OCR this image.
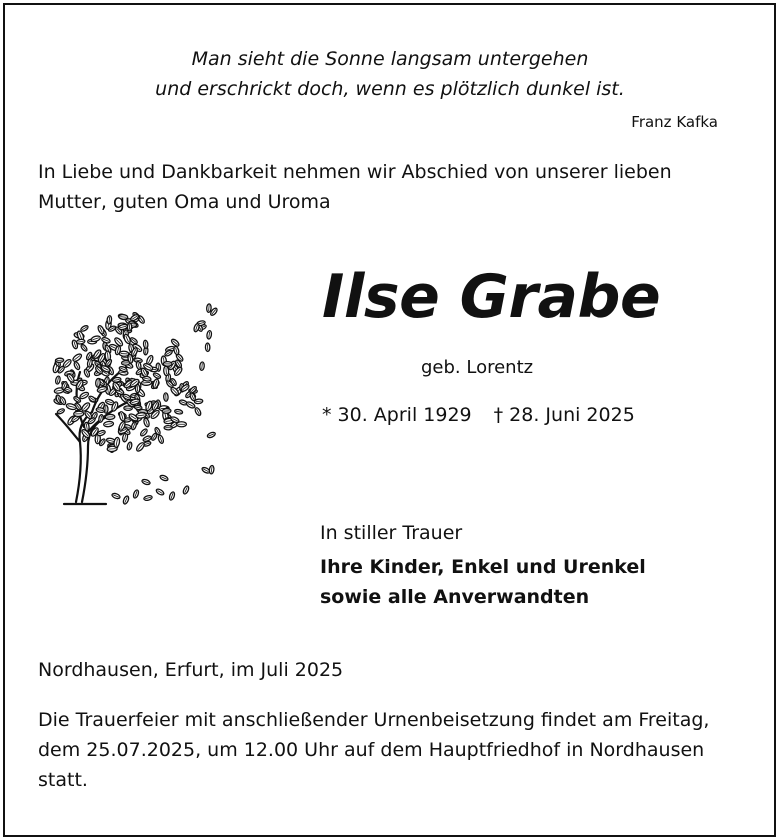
Man sieht die Sonne langsam untergehen
und erschrickt doch, wenn es plötzlich dunkel ist.
Franz Kafka
In Liebe und Dankbarkeit nehmen wir Abschied von unserer lieben
Mutter, guten Oma und Uroma
Ilse Grabe
geb. Lorentz
* 30. April 1929 † 28. Juni 2025
In stiller Trauer
Ihre Kinder, Enkel und Urenkel
sowie alle Anverwandten
Nordhausen, Erfurt, im Juli 2025
Die Trauerfeier mit anschließender Urnenbeisetzung findet am Freitag,
dem 25.07.2025, um 12.00 Uhr auf dem Hauptfriedhof in Nordhausen
statt.
